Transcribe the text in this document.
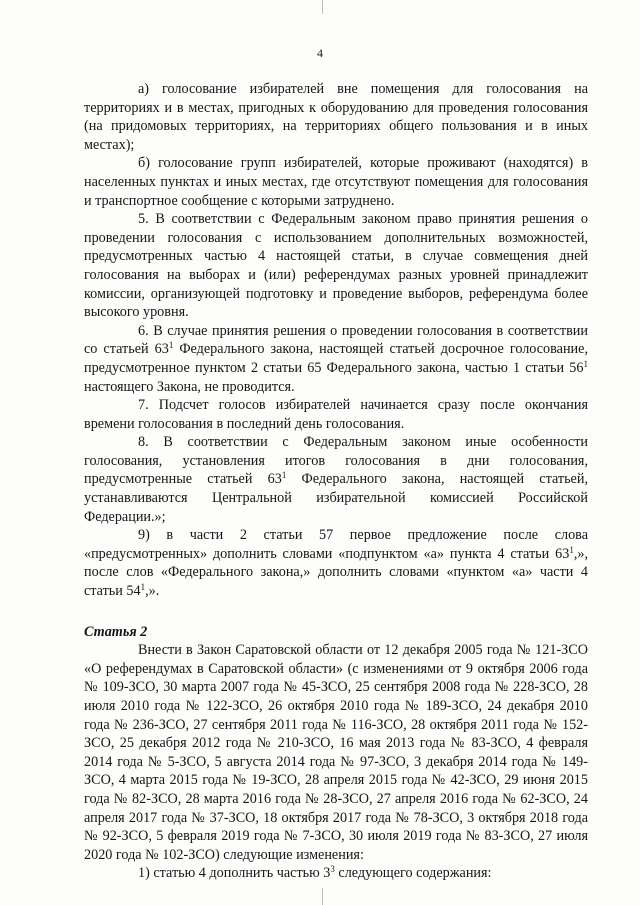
4

а) голосование избирателей вне помещения для голосования на территориях и в местах, пригодных к оборудованию для проведения голосования (на придомовых территориях, на территориях общего пользования и в иных местах);

б) голосование групп избирателей, которые проживают (находятся) в населенных пунктах и иных местах, где отсутствуют помещения для голосования и транспортное сообщение с которыми затруднено.

5. В соответствии с Федеральным законом право принятия решения о проведении голосования с использованием дополнительных возможностей, предусмотренных частью 4 настоящей статьи, в случае совмещения дней голосования на выборах и (или) референдумах разных уровней принадлежит комиссии, организующей подготовку и проведение выборов, референдума более высокого уровня.

6. В случае принятия решения о проведении голосования в соответствии со статьей $63^1$ Федерального закона, настоящей статьей досрочное голосование, предусмотренное пунктом 2 статьи 65 Федерального закона, частью 1 статьи $56^1$ настоящего Закона, не проводится.

7. Подсчет голосов избирателей начинается сразу после окончания времени голосования в последний день голосования.

8. В соответствии с Федеральным законом иные особенности голосования, установления итогов голосования в дни голосования, предусмотренные статьей $63^1$ Федерального закона, настоящей статьей, устанавливаются Центральной избирательной комиссией Российской Федерации.»;

9) в части 2 статьи 57 первое предложение после слова «предусмотренных» дополнить словами «подпунктом «а» пункта 4 статьи $63^1$,», после слов «Федерального закона,» дополнить словами «пунктом «а» части 4 статьи $54^1$,».

Статья 2

Внести в Закон Саратовской области от 12 декабря 2005 года № 121-ЗСО «О референдумах в Саратовской области» (с изменениями от 9 октября 2006 года № 109-ЗСО, 30 марта 2007 года № 45-ЗСО, 25 сентября 2008 года № 228-ЗСО, 28 июля 2010 года № 122-ЗСО, 26 октября 2010 года № 189-ЗСО, 24 декабря 2010 года № 236-ЗСО, 27 сентября 2011 года № 116-ЗСО, 28 октября 2011 года № 152-ЗСО, 25 декабря 2012 года № 210-ЗСО, 16 мая 2013 года № 83-ЗСО, 4 февраля 2014 года № 5-ЗСО, 5 августа 2014 года № 97-ЗСО, 3 декабря 2014 года № 149-ЗСО, 4 марта 2015 года № 19-ЗСО, 28 апреля 2015 года № 42-ЗСО, 29 июня 2015 года № 82-ЗСО, 28 марта 2016 года № 28-ЗСО, 27 апреля 2016 года № 62-ЗСО, 24 апреля 2017 года № 37-ЗСО, 18 октября 2017 года № 78-ЗСО, 3 октября 2018 года № 92-ЗСО, 5 февраля 2019 года № 7-ЗСО, 30 июля 2019 года № 83-ЗСО, 27 июля 2020 года № 102-ЗСО) следующие изменения:

1) статью 4 дополнить частью $3^3$ следующего содержания:
